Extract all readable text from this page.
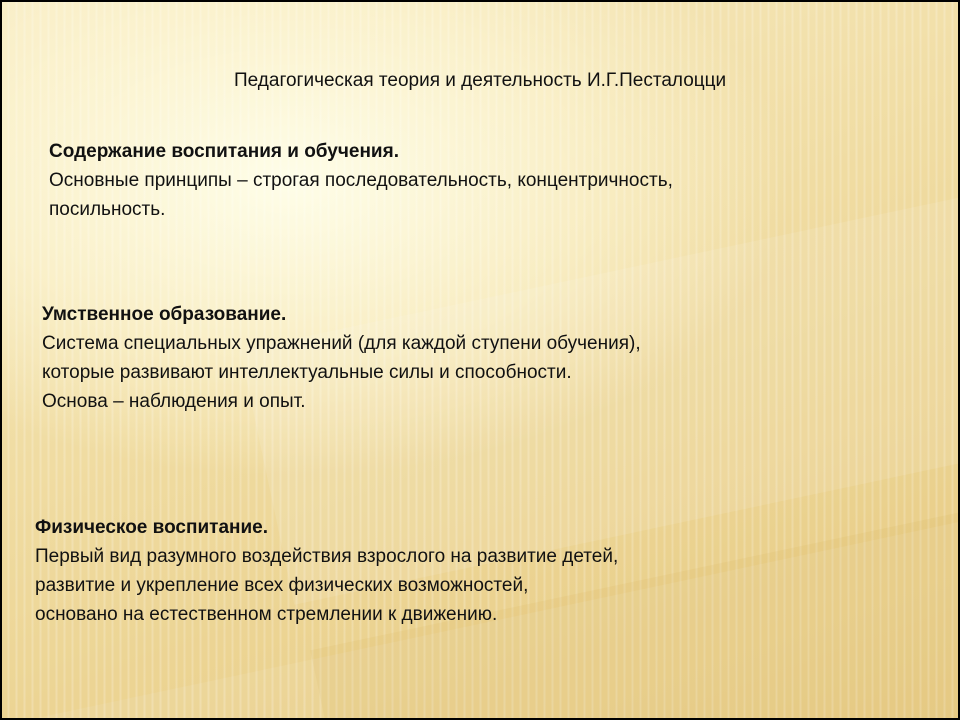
Педагогическая теория и деятельность И.Г.Песталоцци
Содержание воспитания и обучения.
Основные принципы – строгая последовательность, концентричность,
посильность.
Умственное образование.
Система специальных упражнений (для каждой ступени обучения),
которые развивают интеллектуальные силы и способности.
Основа – наблюдения и опыт.
Физическое воспитание.
Первый вид разумного воздействия взрослого на развитие детей,
развитие и укрепление всех физических возможностей,
основано на естественном стремлении к движению.
